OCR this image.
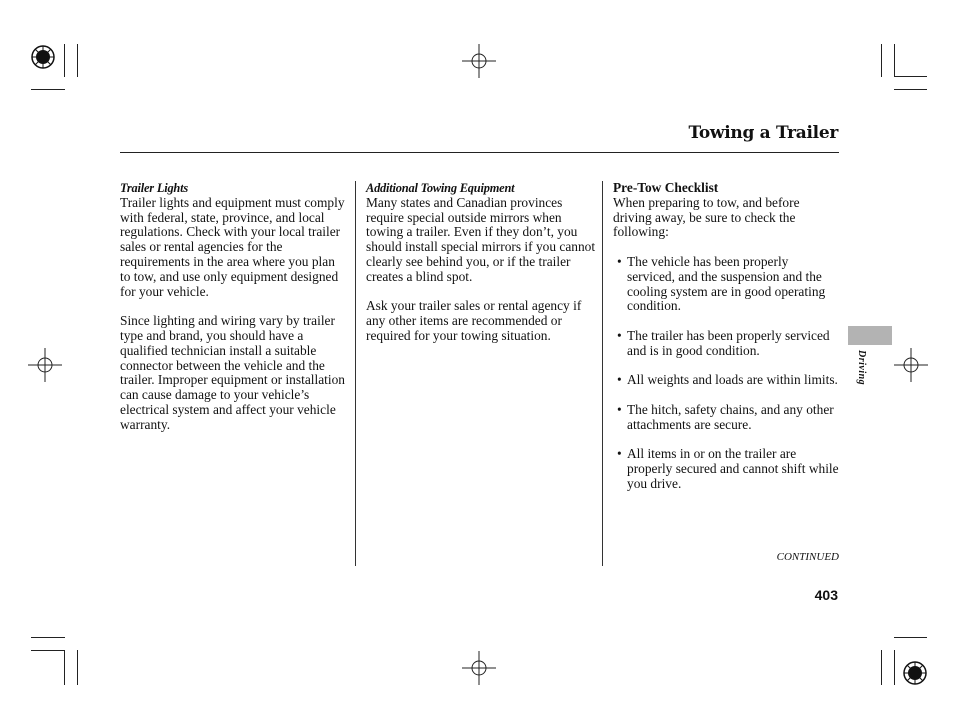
Towing a Trailer
Trailer Lights

Trailer lights and equipment must comply with federal, state, province, and local regulations. Check with your local trailer sales or rental agencies for the requirements in the area where you plan to tow, and use only equipment designed for your vehicle.

Since lighting and wiring vary by trailer type and brand, you should have a qualified technician install a suitable connector between the vehicle and the trailer. Improper equipment or installation can cause damage to your vehicle’s electrical system and affect your vehicle warranty.

Additional Towing Equipment

Many states and Canadian provinces require special outside mirrors when towing a trailer. Even if they don’t, you should install special mirrors if you cannot clearly see behind you, or if the trailer creates a blind spot.

Ask your trailer sales or rental agency if any other items are recommended or required for your towing situation.

Pre-Tow Checklist

When preparing to tow, and before driving away, be sure to check the following:

• The vehicle has been properly serviced, and the suspension and the cooling system are in good operating condition.
• The trailer has been properly serviced and is in good condition.
• All weights and loads are within limits.
• The hitch, safety chains, and any other attachments are secure.
• All items in or on the trailer are properly secured and cannot shift while you drive.
Driving
CONTINUED
403
